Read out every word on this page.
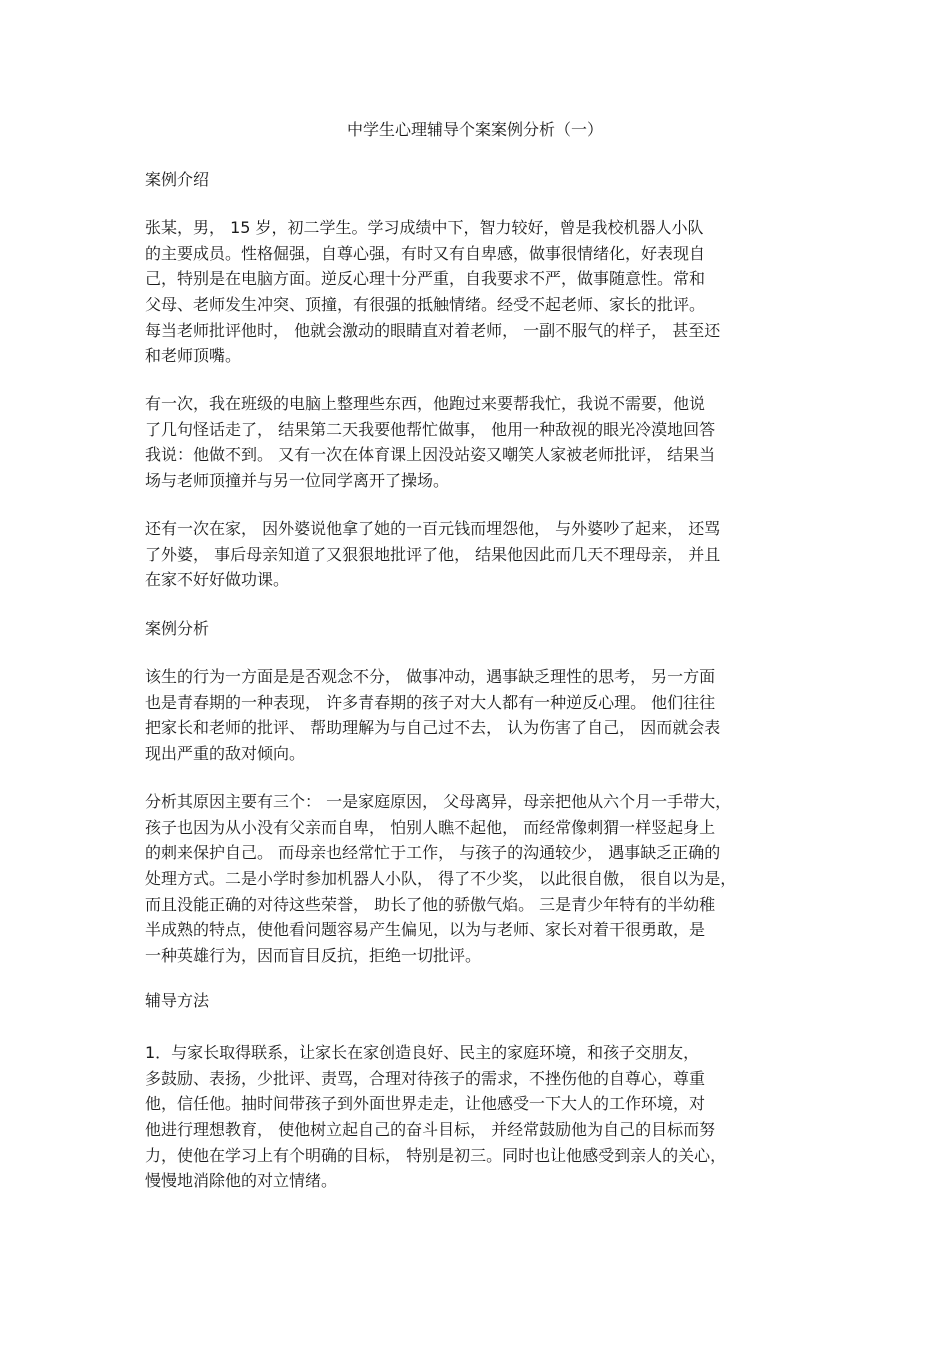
中学生心理辅导个案案例分析（一）
案例介绍
张某，男， 15 岁，初二学生。学习成绩中下，智力较好，曾是我校机器人小队
的主要成员。性格倔强，自尊心强，有时又有自卑感，做事很情绪化，好表现自
己，特别是在电脑方面。逆反心理十分严重，自我要求不严，做事随意性。常和
父母、老师发生冲突、顶撞，有很强的抵触情绪。经受不起老师、家长的批评。
每当老师批评他时， 他就会激动的眼睛直对着老师， 一副不服气的样子， 甚至还
和老师顶嘴。
有一次，我在班级的电脑上整理些东西，他跑过来要帮我忙，我说不需要，他说
了几句怪话走了， 结果第二天我要他帮忙做事， 他用一种敌视的眼光冷漠地回答
我说：他做不到。 又有一次在体育课上因没站姿又嘲笑人家被老师批评， 结果当
场与老师顶撞并与另一位同学离开了操场。
还有一次在家， 因外婆说他拿了她的一百元钱而埋怨他， 与外婆吵了起来， 还骂
了外婆， 事后母亲知道了又狠狠地批评了他， 结果他因此而几天不理母亲， 并且
在家不好好做功课。
案例分析
该生的行为一方面是是否观念不分， 做事冲动，遇事缺乏理性的思考， 另一方面
也是青春期的一种表现， 许多青春期的孩子对大人都有一种逆反心理。 他们往往
把家长和老师的批评、 帮助理解为与自己过不去， 认为伤害了自己， 因而就会表
现出严重的敌对倾向。
分析其原因主要有三个： 一是家庭原因， 父母离异，母亲把他从六个月一手带大，
孩子也因为从小没有父亲而自卑， 怕别人瞧不起他， 而经常像刺猬一样竖起身上
的刺来保护自己。 而母亲也经常忙于工作， 与孩子的沟通较少， 遇事缺乏正确的
处理方式。二是小学时参加机器人小队， 得了不少奖， 以此很自傲， 很自以为是，
而且没能正确的对待这些荣誉， 助长了他的骄傲气焰。 三是青少年特有的半幼稚
半成熟的特点，使他看问题容易产生偏见，以为与老师、家长对着干很勇敢，是
一种英雄行为，因而盲目反抗，拒绝一切批评。
辅导方法
1．与家长取得联系，让家长在家创造良好、民主的家庭环境，和孩子交朋友，
多鼓励、表扬，少批评、责骂，合理对待孩子的需求，不挫伤他的自尊心，尊重
他，信任他。抽时间带孩子到外面世界走走，让他感受一下大人的工作环境，对
他进行理想教育， 使他树立起自己的奋斗目标， 并经常鼓励他为自己的目标而努
力，使他在学习上有个明确的目标， 特别是初三。同时也让他感受到亲人的关心，
慢慢地消除他的对立情绪。
